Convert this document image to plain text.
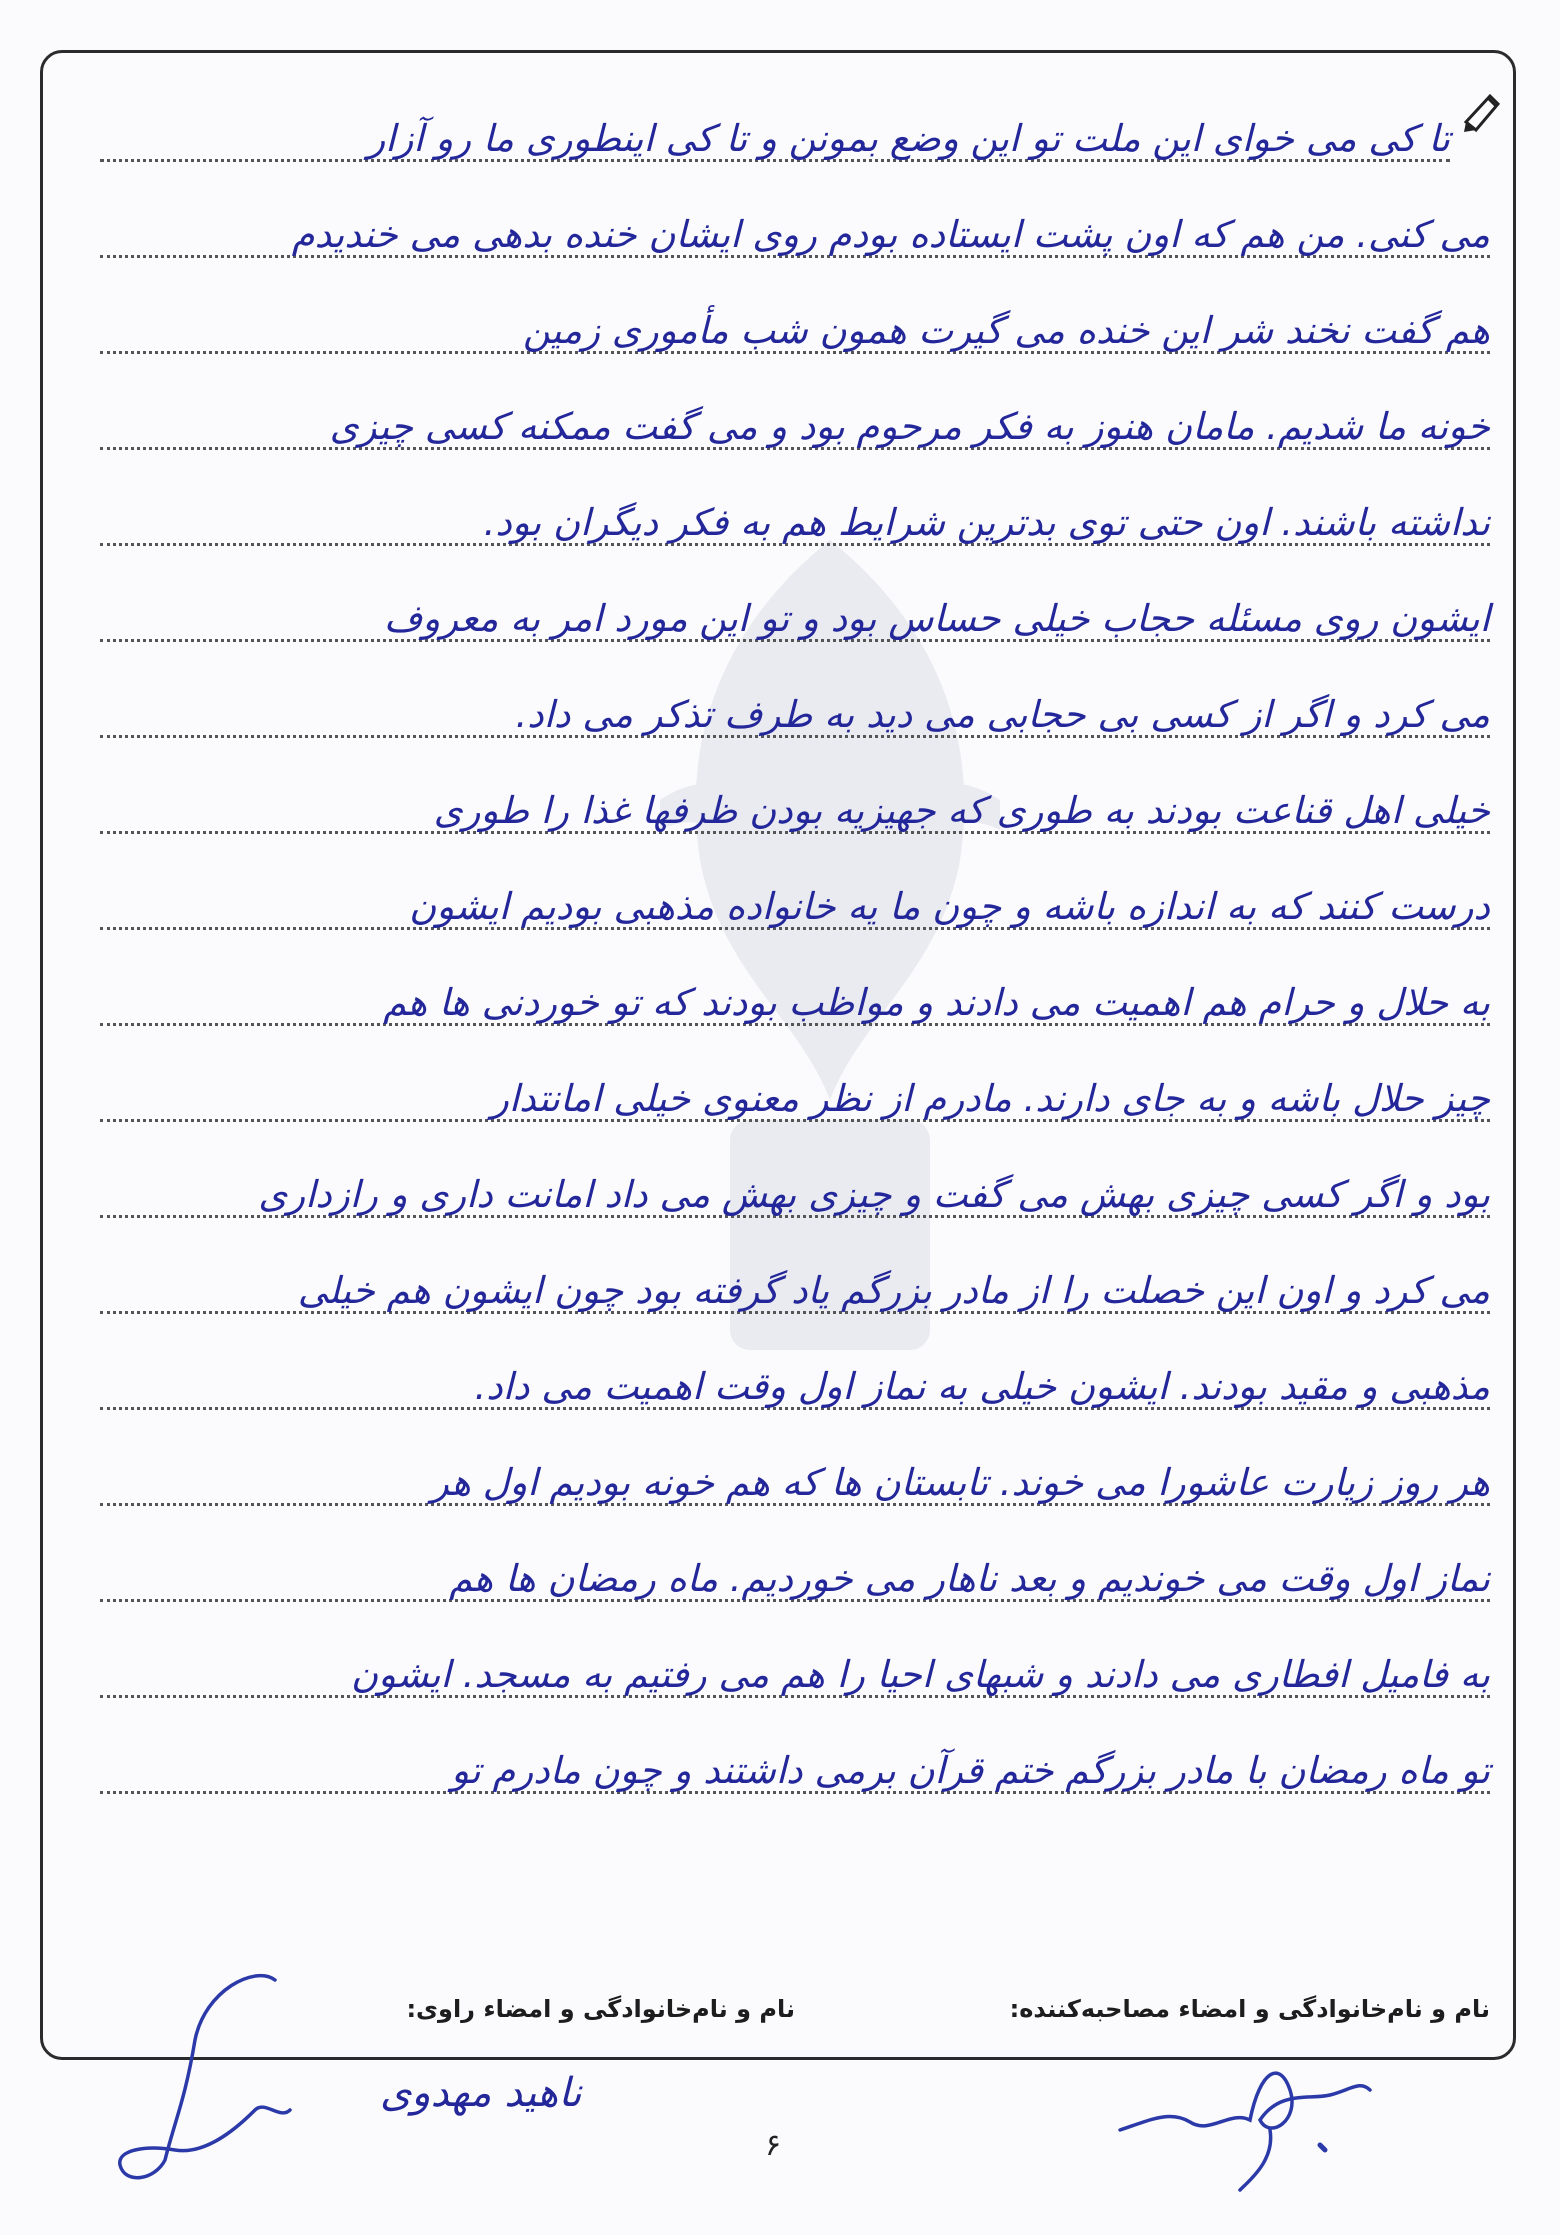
تا کی می خوای این ملت تو این وضع بمونن و تا کی اینطوری ما رو آزار
می کنی. من هم که اون پشت ایستاده بودم روی ایشان خنده بدهی می خندیدم
هم گفت نخند شر این خنده می گیرت همون شب مأموری زمین
خونه ما شدیم. مامان هنوز به فکر مرحوم بود و می گفت ممکنه کسی چیزی
نداشته باشند. اون حتی توی بدترین شرایط هم به فکر دیگران بود.
ایشون روی مسئله حجاب خیلی حساس بود و تو این مورد امر به معروف
می کرد و اگر از کسی بی حجابی می دید به طرف تذکر می داد.
خیلی اهل قناعت بودند به طوری که جهیزیه بودن ظرفها غذا را طوری
درست کنند که به اندازه باشه و چون ما یه خانواده مذهبی بودیم ایشون
به حلال و حرام هم اهمیت می دادند و مواظب بودند که تو خوردنی ها هم
چیز حلال باشه و به جای دارند. مادرم از نظر معنوی خیلی امانتدار
بود و اگر کسی چیزی بهش می گفت و چیزی بهش می داد امانت داری و رازداری
می کرد و اون این خصلت را از مادر بزرگم یاد گرفته بود چون ایشون هم خیلی
مذهبی و مقید بودند. ایشون خیلی به نماز اول وقت اهمیت می داد.
هر روز زیارت عاشورا می خوند. تابستان ها که هم خونه بودیم اول هر
نماز اول وقت می خوندیم و بعد ناهار می خوردیم. ماه رمضان ها هم
به فامیل افطاری می دادند و شبهای احیا را هم می رفتیم به مسجد. ایشون
تو ماه رمضان با مادر بزرگم ختم قرآن برمی داشتند و چون مادرم تو
نام و نام‌خانوادگی و امضاء مصاحبه‌کننده:
نام و نام‌خانوادگی و امضاء راوی:
ناهید مهدوی
۶
